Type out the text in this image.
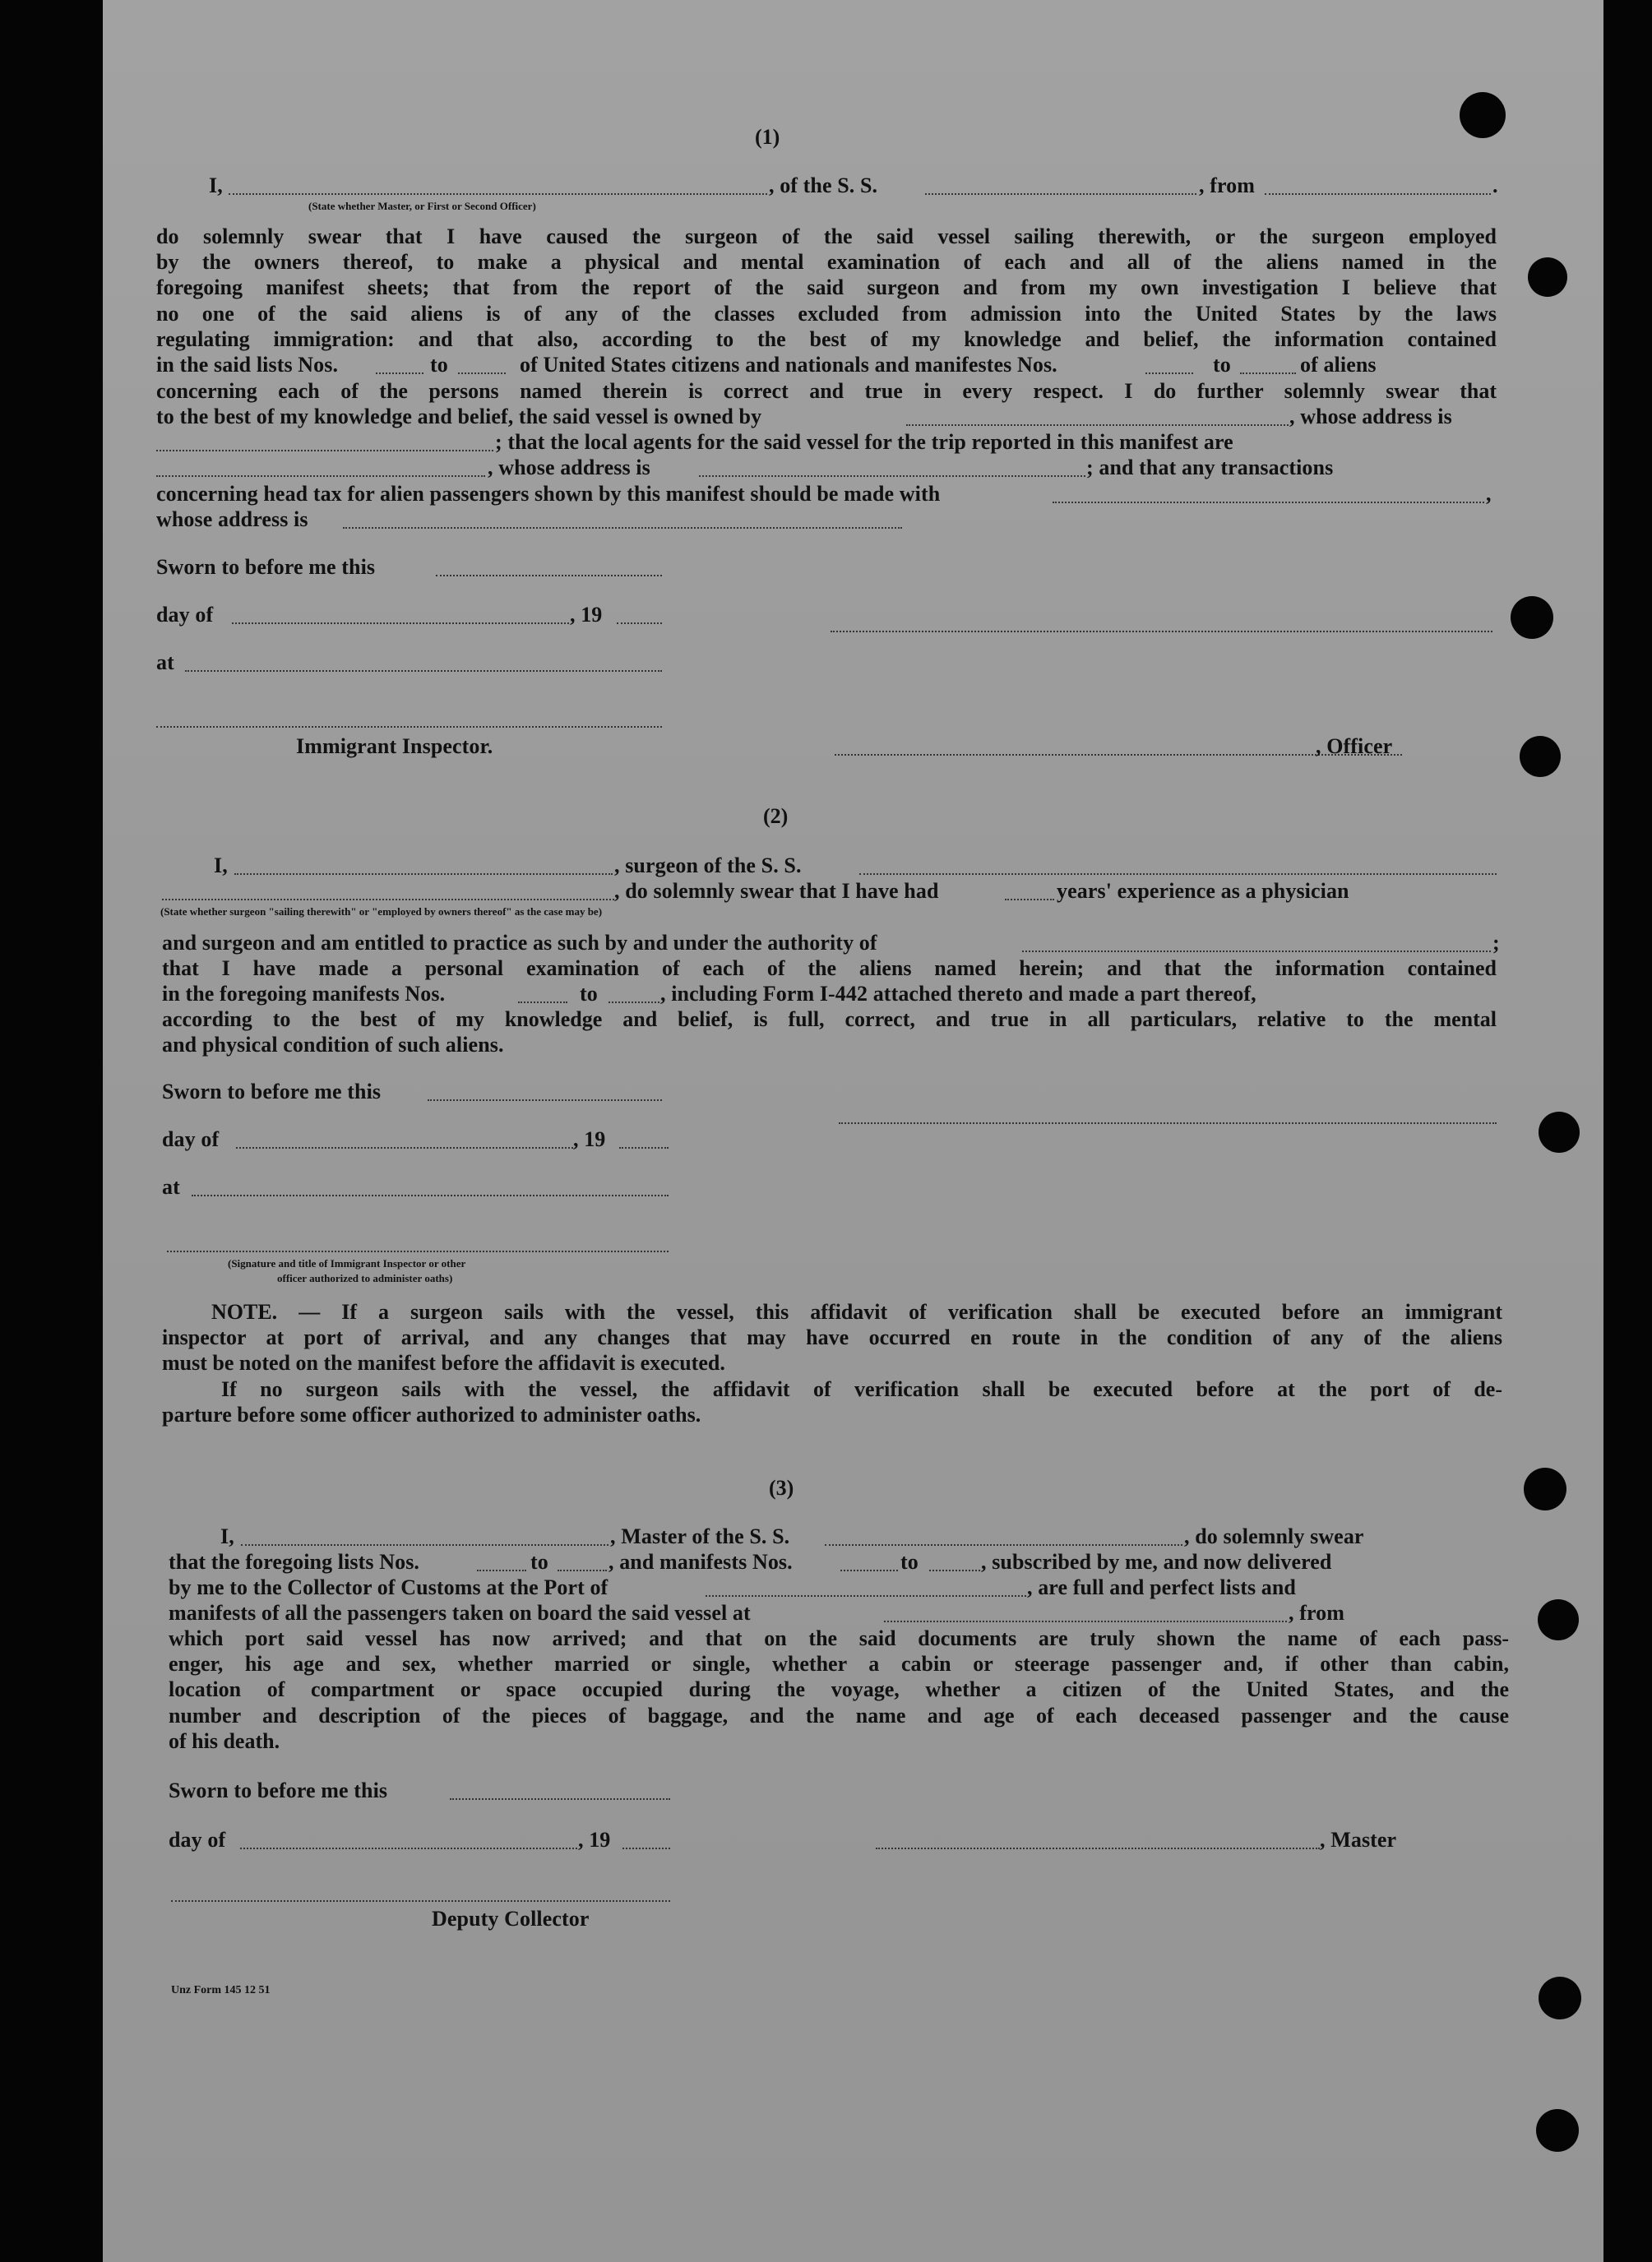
(1)
I,	, of the S. S.	, from	.
(State whether Master, or First or Second Officer)
do solemnly swear that I have caused the surgeon of the said vessel sailing therewith, or the surgeon employed
by the owners thereof, to make a physical and mental examination of each and all of the aliens named in the
foregoing manifest sheets; that from the report of the said surgeon and from my own investigation I believe that
no one of the said aliens is of any of the classes excluded from admission into the United States by the laws
regulating immigration: and that also, according to the best of my knowledge and belief, the information contained
in the said lists Nos.	to	of United States citizens and nationals and manifestes Nos.	to	of aliens
concerning each of the persons named therein is correct and true in every respect. I do further solemnly swear that
to the best of my knowledge and belief, the said vessel is owned by	, whose address is
; that the local agents for the said vessel for the trip reported in this manifest are
, whose address is	; and that any transactions
concerning head tax for alien passengers shown by this manifest should be made with	,
whose address is
Sworn to before me this
day of	, 19
at
Immigrant Inspector.	, Officer
(2)
I,	, surgeon of the S. S.
, do solemnly swear that I have had	years' experience as a physician
(State whether surgeon "sailing therewith" or "employed by owners thereof" as the case may be)
and surgeon and am entitled to practice as such by and under the authority of	;
that I have made a personal examination of each of the aliens named herein; and that the information contained
in the foregoing manifests Nos.	to	, including Form I-442 attached thereto and made a part thereof,
according to the best of my knowledge and belief, is full, correct, and true in all particulars, relative to the mental
and physical condition of such aliens.
Sworn to before me this
day of	, 19
at
(Signature and title of Immigrant Inspector or other
officer authorized to administer oaths)
NOTE. — If a surgeon sails with the vessel, this affidavit of verification shall be executed before an immigrant
inspector at port of arrival, and any changes that may have occurred en route in the condition of any of the aliens
must be noted on the manifest before the affidavit is executed.
If no surgeon sails with the vessel, the affidavit of verification shall be executed before at the port of de-
parture before some officer authorized to administer oaths.
(3)
I,	, Master of the S. S.	, do solemnly swear
that the foregoing lists Nos.	to	, and manifests Nos.	to	, subscribed by me, and now delivered
by me to the Collector of Customs at the Port of	, are full and perfect lists and
manifests of all the passengers taken on board the said vessel at	, from
which port said vessel has now arrived; and that on the said documents are truly shown the name of each pass-
enger, his age and sex, whether married or single, whether a cabin or steerage passenger and, if other than cabin,
location of compartment or space occupied during the voyage, whether a citizen of the United States, and the
number and description of the pieces of baggage, and the name and age of each deceased passenger and the cause
of his death.
Sworn to before me this
day of	, 19	, Master
Deputy Collector
Unz Form 145 12 51
